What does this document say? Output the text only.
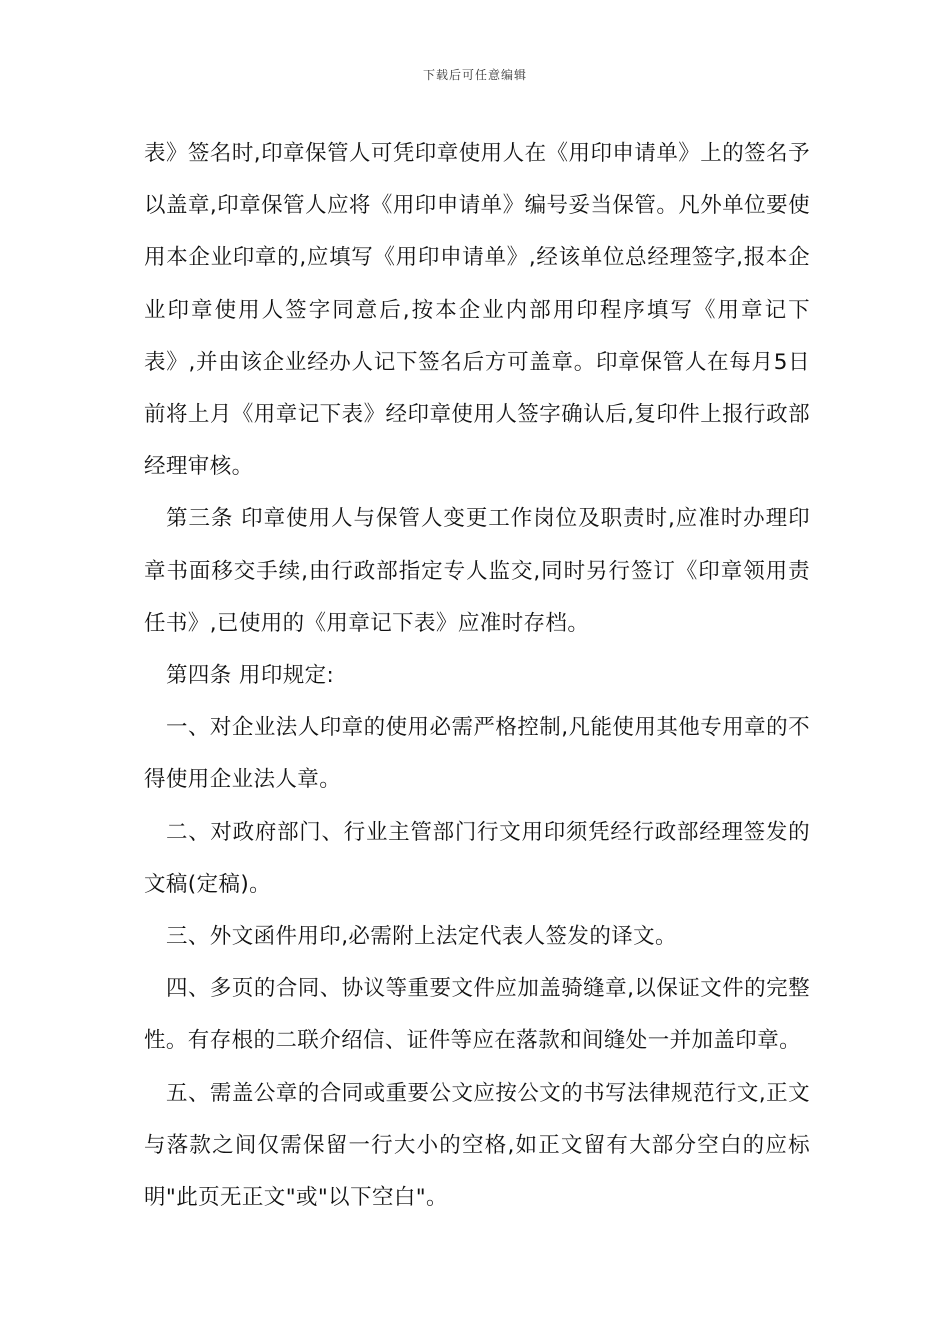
下载后可任意编辑

表》签名时,印章保管人可凭印章使用人在《用印申请单》上的签名予以盖章,印章保管人应将《用印申请单》编号妥当保管。凡外单位要使用本企业印章的,应填写《用印申请单》,经该单位总经理签字,报本企业印章使用人签字同意后,按本企业内部用印程序填写《用章记下表》,并由该企业经办人记下签名后方可盖章。印章保管人在每月5日前将上月《用章记下表》经印章使用人签字确认后,复印件上报行政部经理审核。

第三条 印章使用人与保管人变更工作岗位及职责时,应准时办理印章书面移交手续,由行政部指定专人监交,同时另行签订《印章领用责任书》,已使用的《用章记下表》应准时存档。

第四条 用印规定:

一、对企业法人印章的使用必需严格控制,凡能使用其他专用章的不得使用企业法人章。

二、对政府部门、行业主管部门行文用印须凭经行政部经理签发的文稿(定稿)。

三、外文函件用印,必需附上法定代表人签发的译文。

四、多页的合同、协议等重要文件应加盖骑缝章,以保证文件的完整性。有存根的二联介绍信、证件等应在落款和间缝处一并加盖印章。

五、需盖公章的合同或重要公文应按公文的书写法律规范行文,正文与落款之间仅需保留一行大小的空格,如正文留有大部分空白的应标明"此页无正文"或"以下空白"。
